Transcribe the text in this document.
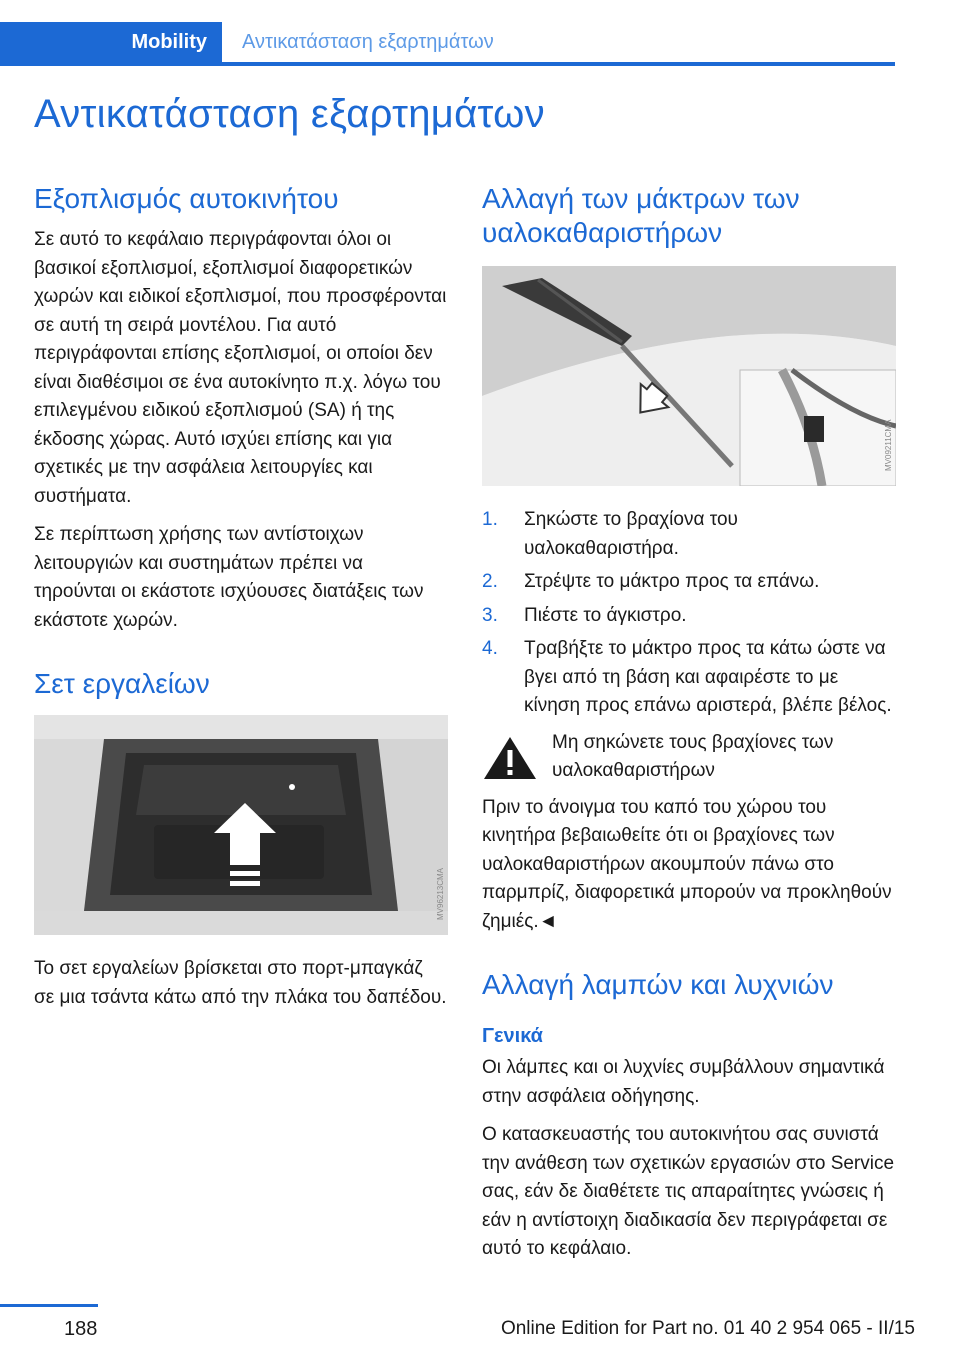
Mobility	Αντικατάσταση εξαρτημάτων
Αντικατάσταση εξαρτημάτων
Εξοπλισμός αυτοκινήτου

Σε αυτό το κεφάλαιο περιγράφονται όλοι οι βασικοί εξοπλισμοί, εξοπλισμοί διαφορετικών χωρών και ειδικοί εξοπλισμοί, που προσφέρονται σε αυτή τη σειρά μοντέλου. Για αυτό περιγράφονται επίσης εξοπλισμοί, οι οποίοι δεν είναι διαθέσιμοι σε ένα αυτοκίνητο π.χ. λόγω του επιλεγμένου ειδικού εξοπλισμού (SA) ή της έκδοσης χώρας. Αυτό ισχύει επίσης και για σχετικές με την ασφάλεια λειτουργίες και συστήματα.

Σε περίπτωση χρήσης των αντίστοιχων λειτουργιών και συστημάτων πρέπει να τηρούνται οι εκάστοτε ισχύουσες διατάξεις των εκάστοτε χωρών.

Σετ εργαλείων
MV96213CMA

Το σετ εργαλείων βρίσκεται στο πορτ-μπαγκάζ σε μια τσάντα κάτω από την πλάκα του δαπέδου.

Αλλαγή των μάκτρων των υαλοκαθαριστήρων
MV09211CMA
1.	Σηκώστε το βραχίονα του υαλοκαθαριστήρα.
2.	Στρέψτε το μάκτρο προς τα επάνω.
3.	Πιέστε το άγκιστρο.
4.	Τραβήξτε το μάκτρο προς τα κάτω ώστε να βγει από τη βάση και αφαιρέστε το με κίνηση προς επάνω αριστερά, βλέπε βέλος.
Μη σηκώνετε τους βραχίονες των υαλοκαθαριστήρων

Πριν το άνοιγμα του καπό του χώρου του κινητήρα βεβαιωθείτε ότι οι βραχίονες των υαλοκαθαριστήρων ακουμπούν πάνω στο παρμπρίζ, διαφορετικά μπορούν να προκληθούν ζημιές.◄

Αλλαγή λαμπών και λυχνιών
Γενικά

Οι λάμπες και οι λυχνίες συμβάλλουν σημαντικά στην ασφάλεια οδήγησης.

Ο κατασκευαστής του αυτοκινήτου σας συνιστά την ανάθεση των σχετικών εργασιών στο Service σας, εάν δε διαθέτετε τις απαραίτητες γνώσεις ή εάν η αντίστοιχη διαδικασία δεν περιγράφεται σε αυτό το κεφάλαιο.

188	Online Edition for Part no. 01 40 2 954 065 - II/15
